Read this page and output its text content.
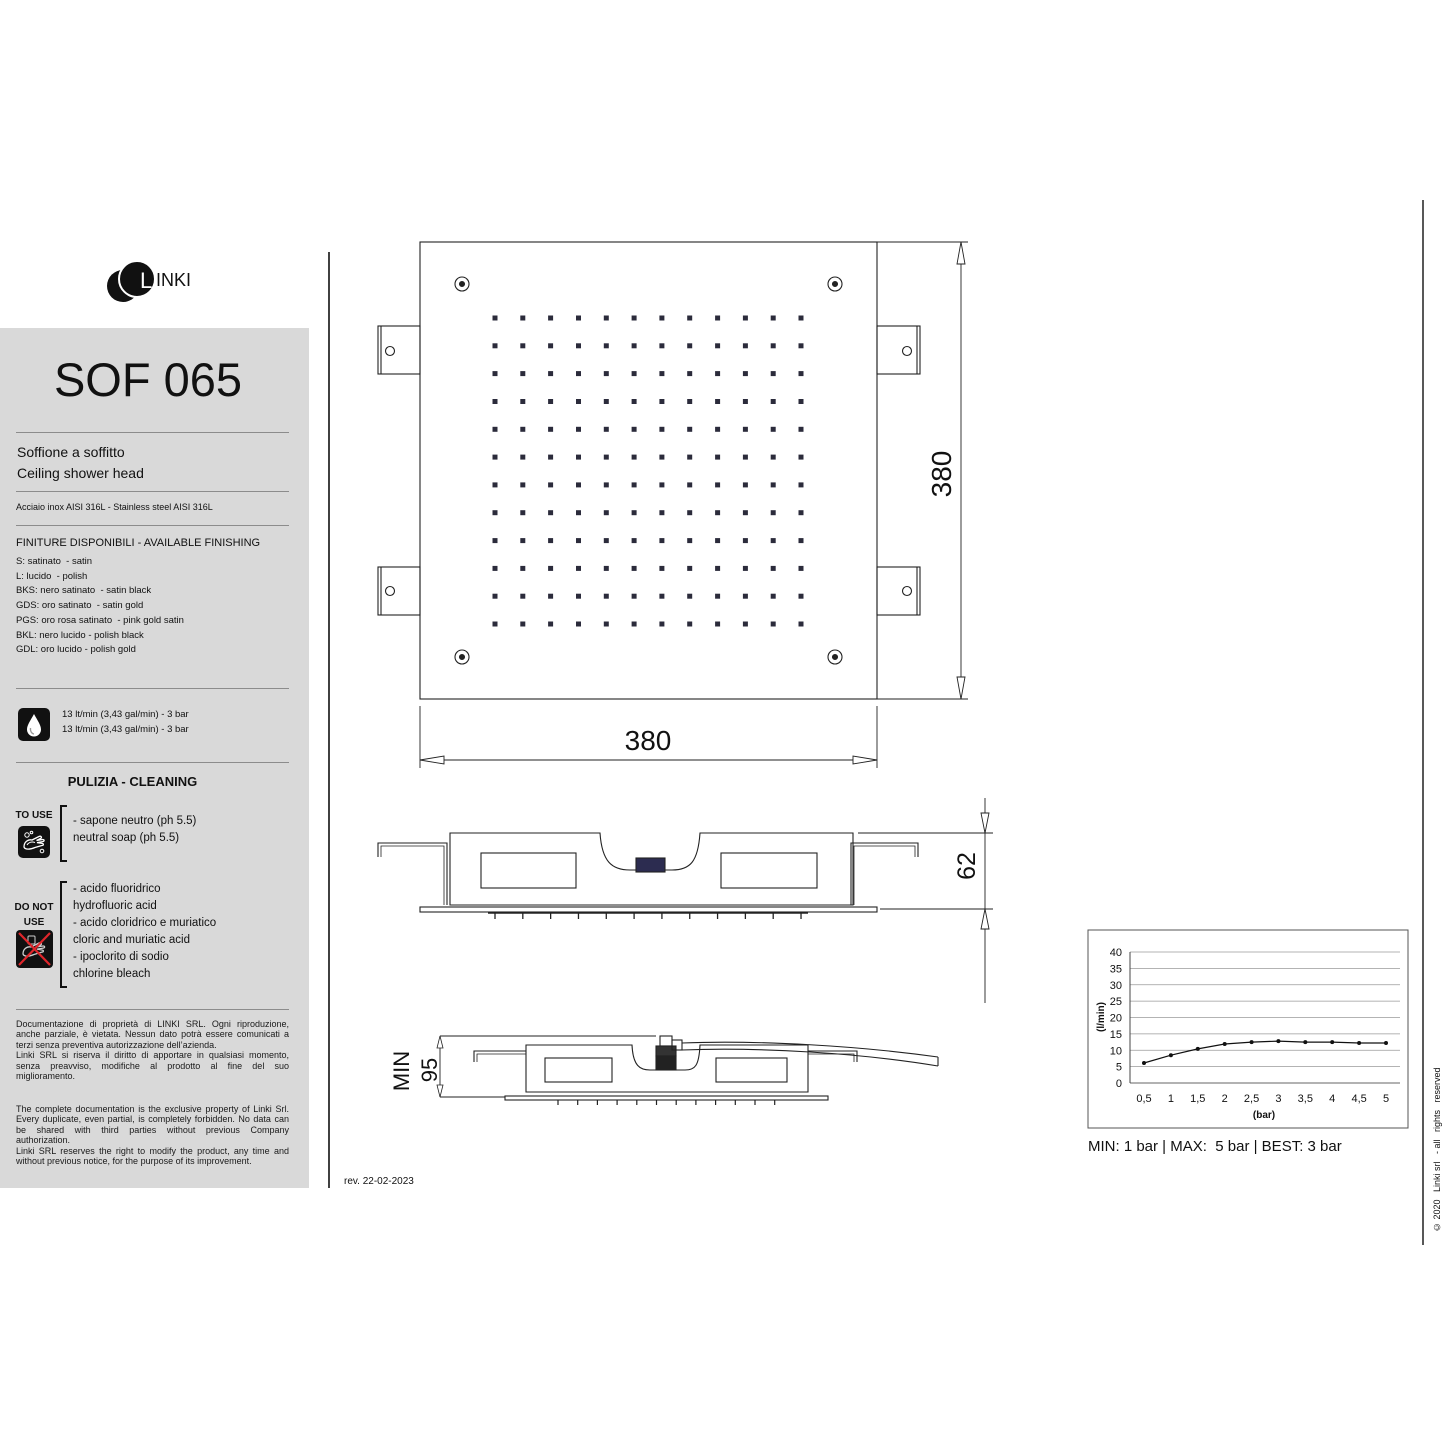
L INKI
SOF 065
Soffione a soffitto
Ceiling shower head
Acciaio inox AISI 316L - Stainless steel AISI 316L
FINITURE DISPONIBILI - AVAILABLE FINISHING
S: satinato  - satin
L: lucido  - polish
BKS: nero satinato  - satin black
GDS: oro satinato  - satin gold
PGS: oro rosa satinato  - pink gold satin
BKL: nero lucido - polish black
GDL: oro lucido - polish gold
13 lt/min (3,43 gal/min) - 3 bar
13 lt/min (3,43 gal/min) - 3 bar
PULIZIA - CLEANING
TO USE	- sapone neutro (ph 5.5)
neutral soap (ph 5.5)
DO NOT
USE
- acido fluoridrico
hydrofluoric acid
- acido cloridrico e muriatico
cloric and muriatic acid
- ipoclorito di sodio
chlorine bleach

Documentazione di proprietà di LINKI SRL. Ogni riproduzione, anche parziale, è vietata. Nessun dato potrà essere comunicati a terzi senza preventiva autorizzazione dell’azienda.

Linki SRL si riserva il diritto di apportare in qualsiasi momento, senza preavviso, modifiche al prodotto al fine del suo miglioramento.

The complete documentation is the exclusive property of Linki Srl. Every duplicate, even partial, is completely forbidden. No data can be shared with third parties without previous Company authorization.

Linki SRL reserves the right to modify the product, any time and without previous notice, for the purpose of its improvement.

rev. 22-02-2023
MIN: 1 bar | MAX:  5 bar | BEST: 3 bar	© 2020   Linki srl   - all   rights   reserved
380
380
62
MIN 95
0
5
10
15
20
25
30
35
40
0,5 1 1,5 2 2,5 3 3,5 4 4,5 5
(bar)
(l/min)
